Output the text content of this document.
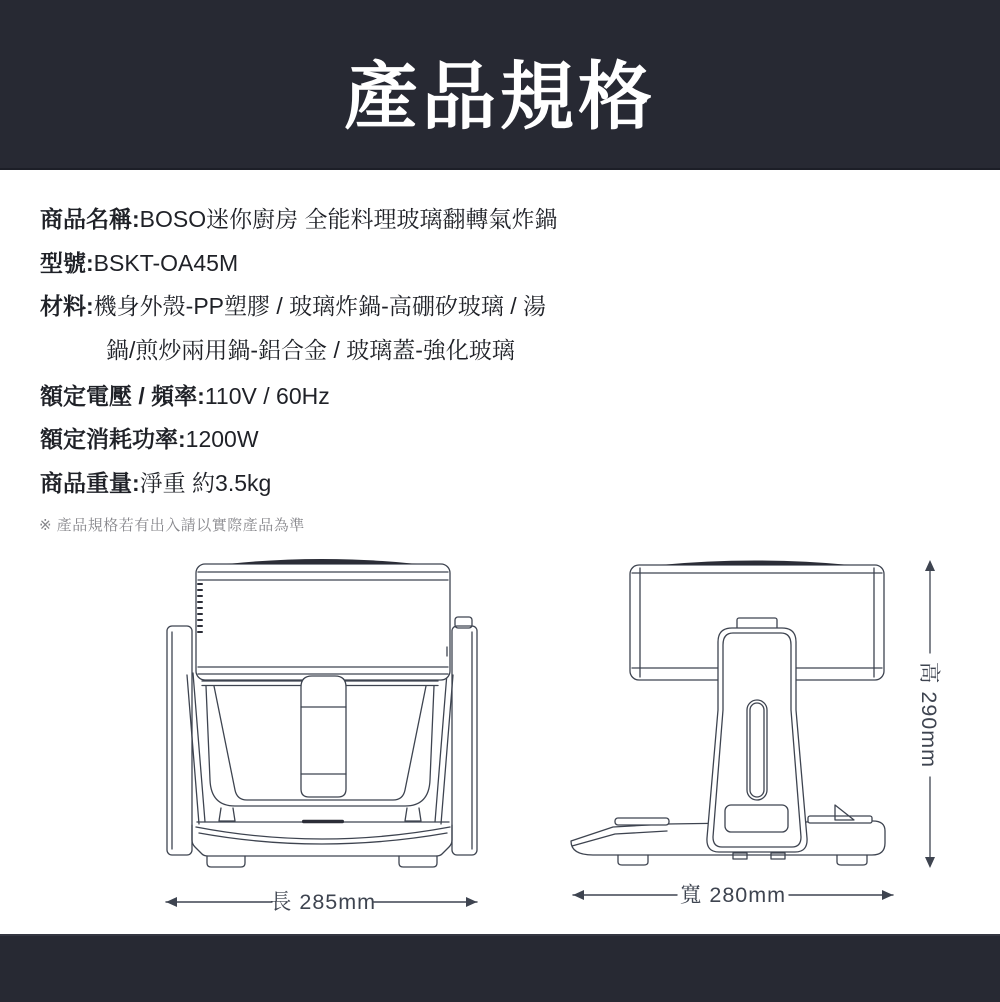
產品規格
商品名稱:BOSO迷你廚房 全能料理玻璃翻轉氣炸鍋
型號:BSKT-OA45M
材料:機身外殼-PP塑膠 / 玻璃炸鍋-高硼矽玻璃 / 湯
鍋/煎炒兩用鍋-鋁合金 / 玻璃蓋-強化玻璃
額定電壓 / 頻率:110V / 60Hz
額定消耗功率:1200W
商品重量:淨重 約3.5kg
※ 產品規格若有出入請以實際產品為準
長 285mm
高 290mm
寬 280mm
